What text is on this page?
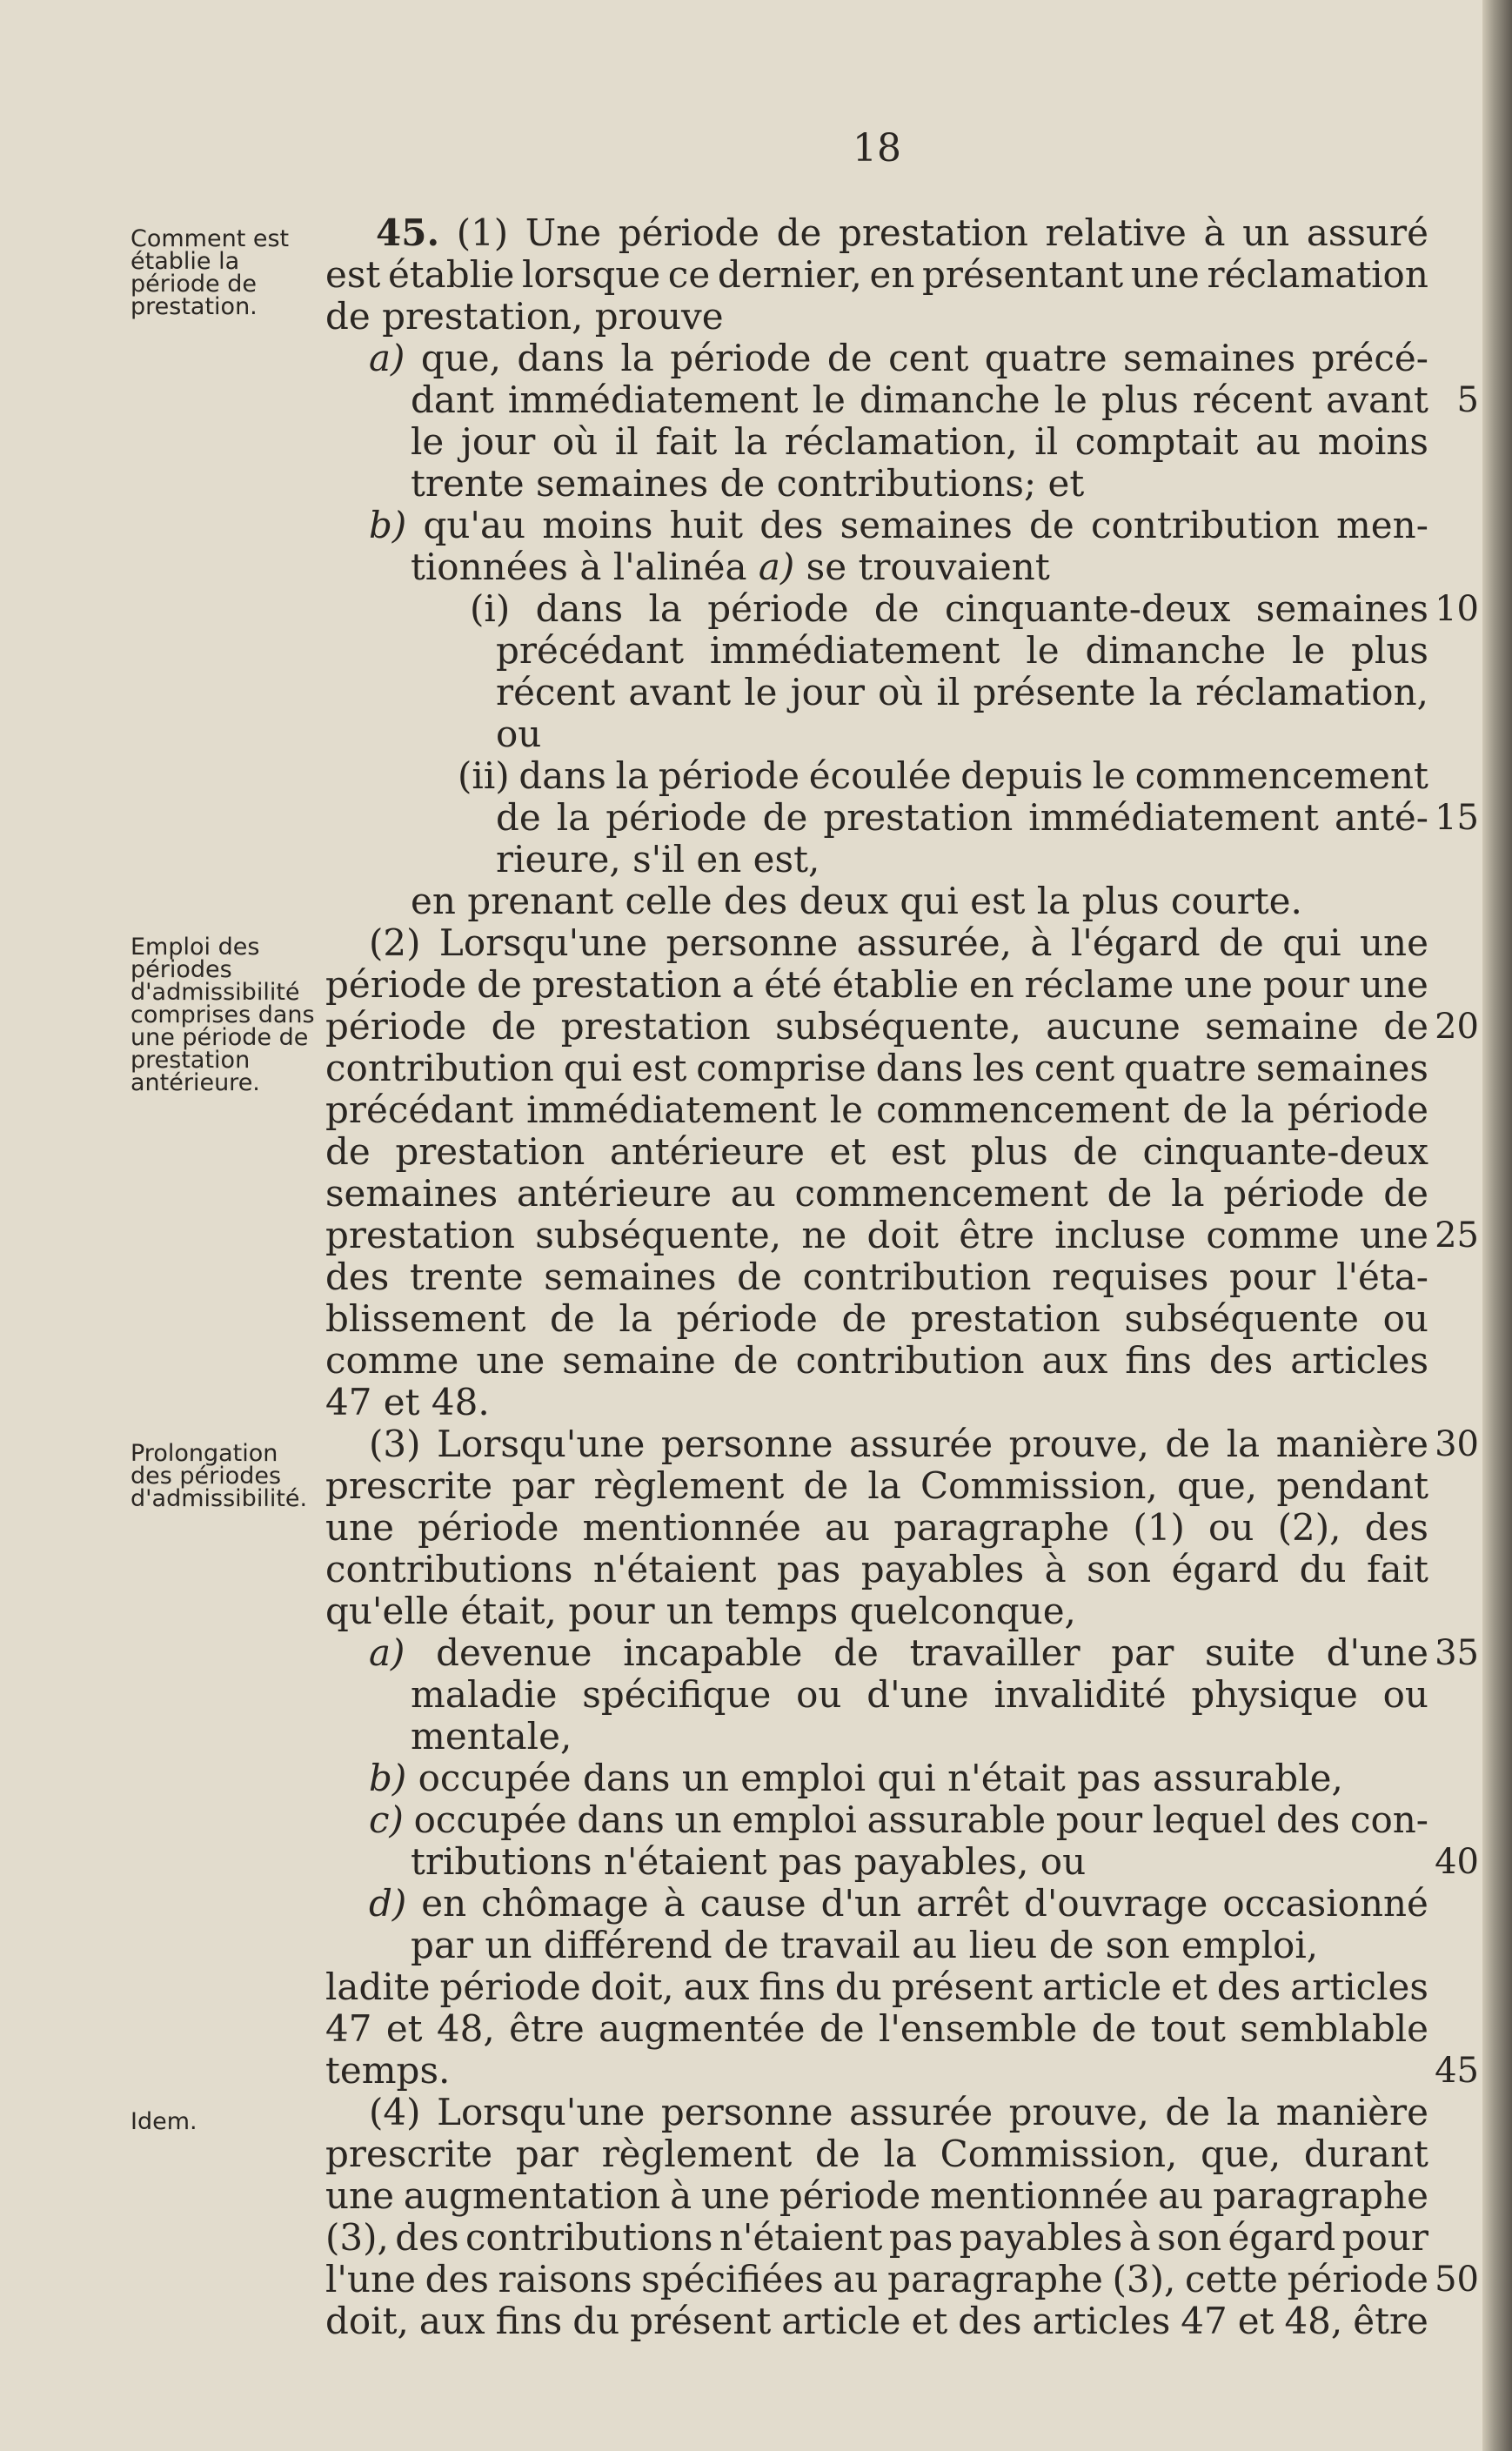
18
Comment est établie la période de prestation.
Emploi des périodes d'admissibilité comprises dans une période de prestation antérieure.
Prolongation des périodes d'admissibilité.
Idem.
45. (1) Une période de prestation relative à un assuré
est établie lorsque ce dernier, en présentant une réclamation
de prestation, prouve
a) que, dans la période de cent quatre semaines précé-
dant immédiatement le dimanche le plus récent avant
le jour où il fait la réclamation, il comptait au moins
trente semaines de contributions; et
b) qu'au moins huit des semaines de contribution men-
tionnées à l'alinéa a) se trouvaient
(i) dans la période de cinquante-deux semaines
précédant immédiatement le dimanche le plus
récent avant le jour où il présente la réclamation,
ou
(ii) dans la période écoulée depuis le commencement
de la période de prestation immédiatement anté-
rieure, s'il en est,
en prenant celle des deux qui est la plus courte.
(2) Lorsqu'une personne assurée, à l'égard de qui une
période de prestation a été établie en réclame une pour une
période de prestation subséquente, aucune semaine de
contribution qui est comprise dans les cent quatre semaines
précédant immédiatement le commencement de la période
de prestation antérieure et est plus de cinquante-deux
semaines antérieure au commencement de la période de
prestation subséquente, ne doit être incluse comme une
des trente semaines de contribution requises pour l'éta-
blissement de la période de prestation subséquente ou
comme une semaine de contribution aux fins des articles
47 et 48.
(3) Lorsqu'une personne assurée prouve, de la manière
prescrite par règlement de la Commission, que, pendant
une période mentionnée au paragraphe (1) ou (2), des
contributions n'étaient pas payables à son égard du fait
qu'elle était, pour un temps quelconque,
a) devenue incapable de travailler par suite d'une
maladie spécifique ou d'une invalidité physique ou
mentale,
b) occupée dans un emploi qui n'était pas assurable,
c) occupée dans un emploi assurable pour lequel des con-
tributions n'étaient pas payables, ou
d) en chômage à cause d'un arrêt d'ouvrage occasionné
par un différend de travail au lieu de son emploi,
ladite période doit, aux fins du présent article et des articles
47 et 48, être augmentée de l'ensemble de tout semblable
temps.
(4) Lorsqu'une personne assurée prouve, de la manière
prescrite par règlement de la Commission, que, durant
une augmentation à une période mentionnée au paragraphe
(3), des contributions n'étaient pas payables à son égard pour
l'une des raisons spécifiées au paragraphe (3), cette période
doit, aux fins du présent article et des articles 47 et 48, être
5
10
15
20
25
30
35
40
45
50
